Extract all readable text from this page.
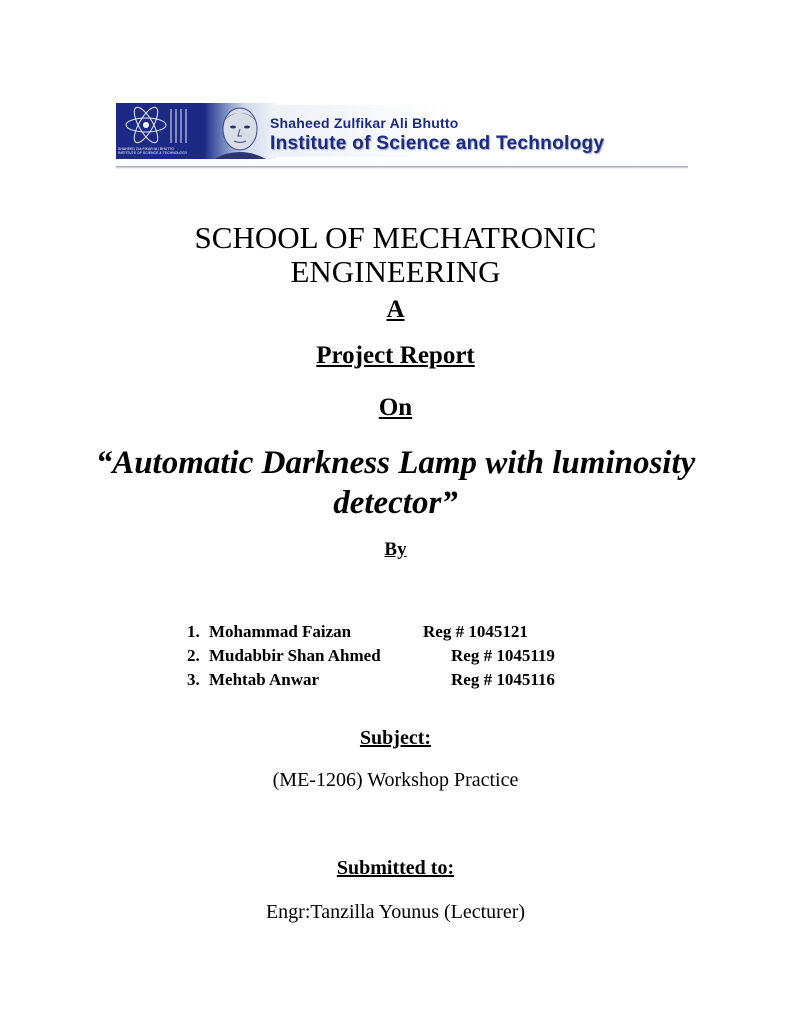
SHAHEED ZULFIKAR ALI BHUTTO
INSTITUTE OF SCIENCE & TECHNOLOGY
Shaheed Zulfikar Ali Bhutto
Institute of Science and Technology
SCHOOL OF MECHATRONIC
ENGINEERING
A
Project Report
On
“Automatic Darkness Lamp with luminosity
detector”
By
1. Mohammad Faizan	Reg # 1045121
2. Mudabbir Shan Ahmed	Reg # 1045119
3. Mehtab Anwar	Reg # 1045116
Subject:
(ME-1206) Workshop Practice
Submitted to:
Engr:Tanzilla Younus (Lecturer)
